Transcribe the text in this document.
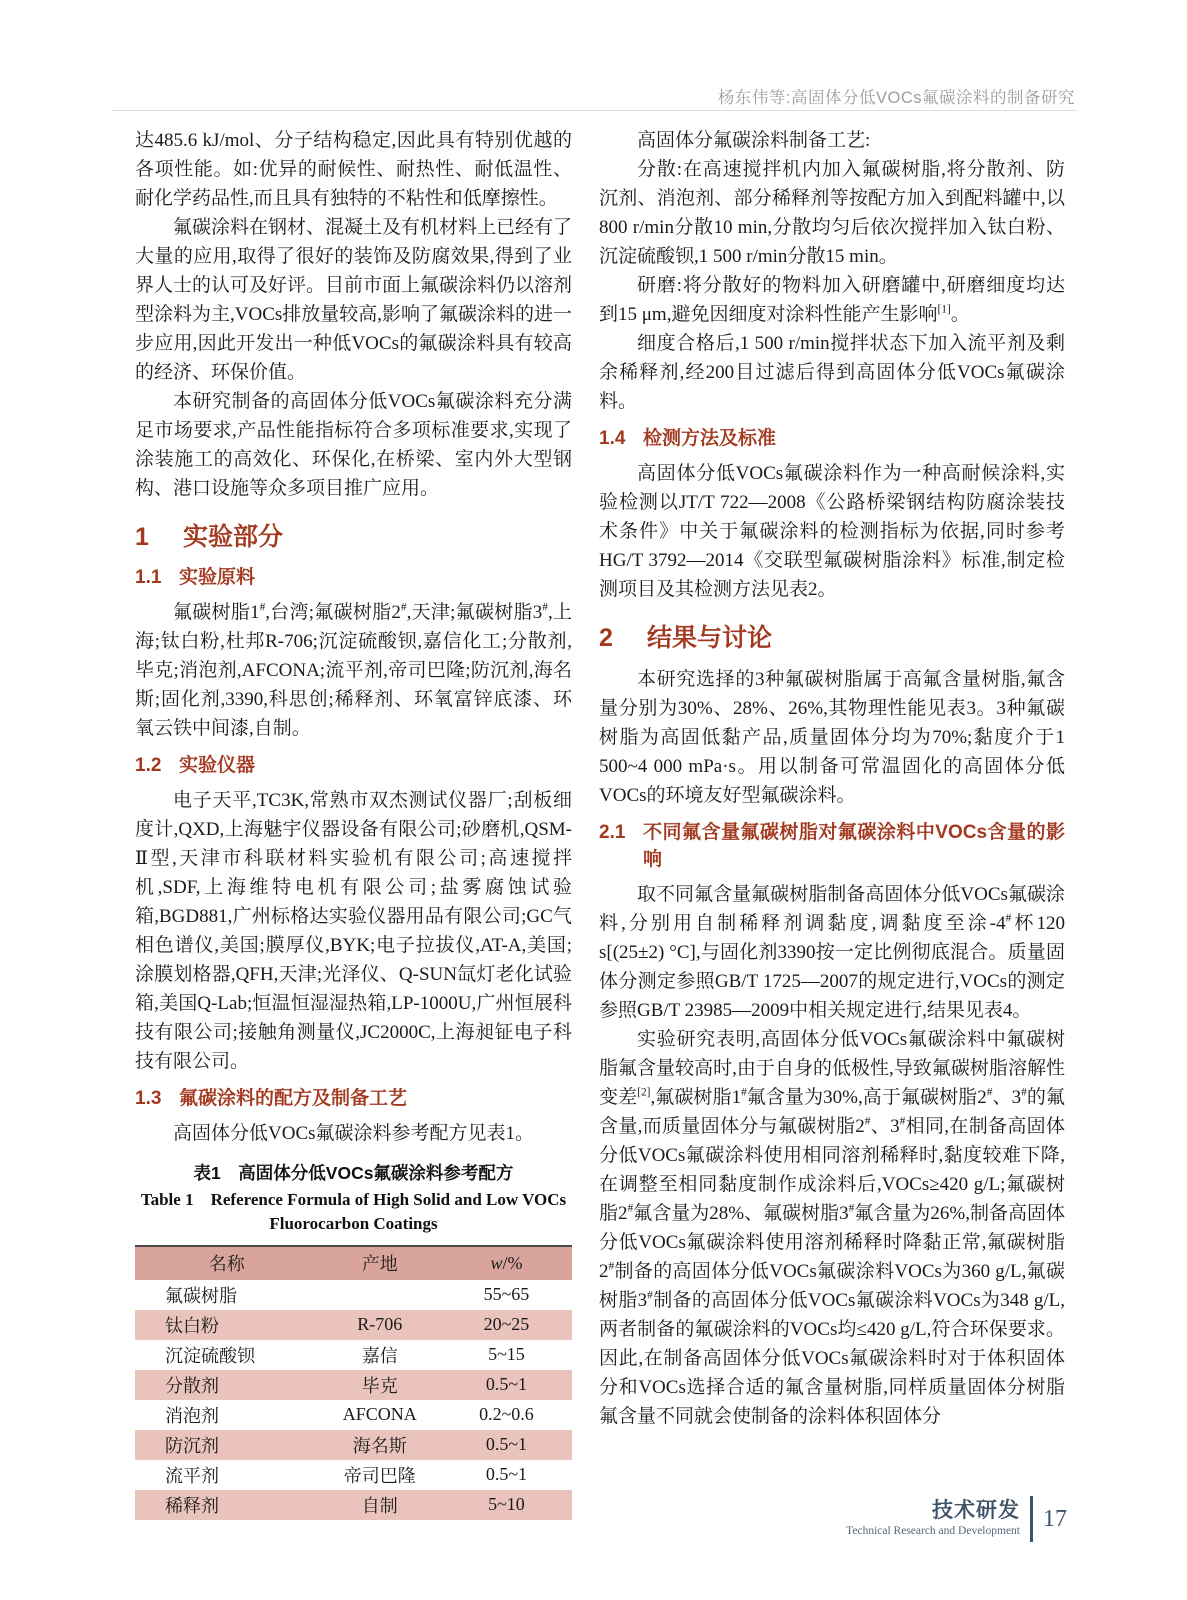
杨东伟等:高固体分低VOCs氟碳涂料的制备研究

达485.6 kJ/mol、分子结构稳定,因此具有特别优越的各项性能。如:优异的耐候性、耐热性、耐低温性、耐化学药品性,而且具有独特的不粘性和低摩擦性。

氟碳涂料在钢材、混凝土及有机材料上已经有了大量的应用,取得了很好的装饰及防腐效果,得到了业界人士的认可及好评。目前市面上氟碳涂料仍以溶剂型涂料为主,VOCs排放量较高,影响了氟碳涂料的进一步应用,因此开发出一种低VOCs的氟碳涂料具有较高的经济、环保价值。

本研究制备的高固体分低VOCs氟碳涂料充分满足市场要求,产品性能指标符合多项标准要求,实现了涂装施工的高效化、环保化,在桥梁、室内外大型钢构、港口设施等众多项目推广应用。

1	实验部分
1.1 实验原料

氟碳树脂1#,台湾;氟碳树脂2#,天津;氟碳树脂3#,上海;钛白粉,杜邦R-706;沉淀硫酸钡,嘉信化工;分散剂,毕克;消泡剂,AFCONA;流平剂,帝司巴隆;防沉剂,海名斯;固化剂,3390,科思创;稀释剂、环氧富锌底漆、环氧云铁中间漆,自制。

1.2 实验仪器

电子天平,TC3K,常熟市双杰测试仪器厂;刮板细度计,QXD,上海魅宇仪器设备有限公司;砂磨机,QSM-Ⅱ型,天津市科联材料实验机有限公司;高速搅拌机,SDF,上海维特电机有限公司;盐雾腐蚀试验箱,BGD881,广州标格达实验仪器用品有限公司;GC气相色谱仪,美国;膜厚仪,BYK;电子拉拔仪,AT-A,美国;涂膜划格器,QFH,天津;光泽仪、Q-SUN氙灯老化试验箱,美国Q-Lab;恒温恒湿湿热箱,LP-1000U,广州恒展科技有限公司;接触角测量仪,JC2000C,上海昶钲电子科技有限公司。

1.3 氟碳涂料的配方及制备工艺

高固体分低VOCs氟碳涂料参考配方见表1。

表1　高固体分低VOCs氟碳涂料参考配方
Table 1　Reference Formula of High Solid and Low VOCs
Fluorocarbon Coatings
名称	产地	w/%
氟碳树脂		55~65
钛白粉	R-706	20~25
沉淀硫酸钡	嘉信	5~15
分散剂	毕克	0.5~1
消泡剂	AFCONA	0.2~0.6
防沉剂	海名斯	0.5~1
流平剂	帝司巴隆	0.5~1
稀释剂	自制	5~10

高固体分氟碳涂料制备工艺:

分散:在高速搅拌机内加入氟碳树脂,将分散剂、防沉剂、消泡剂、部分稀释剂等按配方加入到配料罐中,以800 r/min分散10 min,分散均匀后依次搅拌加入钛白粉、沉淀硫酸钡,1 500 r/min分散15 min。

研磨:将分散好的物料加入研磨罐中,研磨细度均达到15 μm,避免因细度对涂料性能产生影响[1]。

细度合格后,1 500 r/min搅拌状态下加入流平剂及剩余稀释剂,经200目过滤后得到高固体分低VOCs氟碳涂料。

1.4 检测方法及标准

高固体分低VOCs氟碳涂料作为一种高耐候涂料,实验检测以JT/T 722—2008《公路桥梁钢结构防腐涂装技术条件》中关于氟碳涂料的检测指标为依据,同时参考HG/T 3792—2014《交联型氟碳树脂涂料》标准,制定检测项目及其检测方法见表2。

2	结果与讨论

本研究选择的3种氟碳树脂属于高氟含量树脂,氟含量分别为30%、28%、26%,其物理性能见表3。3种氟碳树脂为高固低黏产品,质量固体分均为70%;黏度介于1 500~4 000 mPa·s。用以制备可常温固化的高固体分低VOCs的环境友好型氟碳涂料。

2.1 不同氟含量氟碳树脂对氟碳涂料中VOCs含量的影响

取不同氟含量氟碳树脂制备高固体分低VOCs氟碳涂料,分别用自制稀释剂调黏度,调黏度至涂-4#杯120 s[(25±2) °C],与固化剂3390按一定比例彻底混合。质量固体分测定参照GB/T 1725—2007的规定进行,VOCs的测定参照GB/T 23985—2009中相关规定进行,结果见表4。

实验研究表明,高固体分低VOCs氟碳涂料中氟碳树脂氟含量较高时,由于自身的低极性,导致氟碳树脂溶解性变差[2],氟碳树脂1#氟含量为30%,高于氟碳树脂2#、3#的氟含量,而质量固体分与氟碳树脂2#、3#相同,在制备高固体分低VOCs氟碳涂料使用相同溶剂稀释时,黏度较难下降,在调整至相同黏度制作成涂料后,VOCs≥420 g/L;氟碳树脂2#氟含量为28%、氟碳树脂3#氟含量为26%,制备高固体分低VOCs氟碳涂料使用溶剂稀释时降黏正常,氟碳树脂2#制备的高固体分低VOCs氟碳涂料VOCs为360 g/L,氟碳树脂3#制备的高固体分低VOCs氟碳涂料VOCs为348 g/L,两者制备的氟碳涂料的VOCs均≤420 g/L,符合环保要求。因此,在制备高固体分低VOCs氟碳涂料时对于体积固体分和VOCs选择合适的氟含量树脂,同样质量固体分树脂氟含量不同就会使制备的涂料体积固体分

技术研发
Technical Research and Development 17
